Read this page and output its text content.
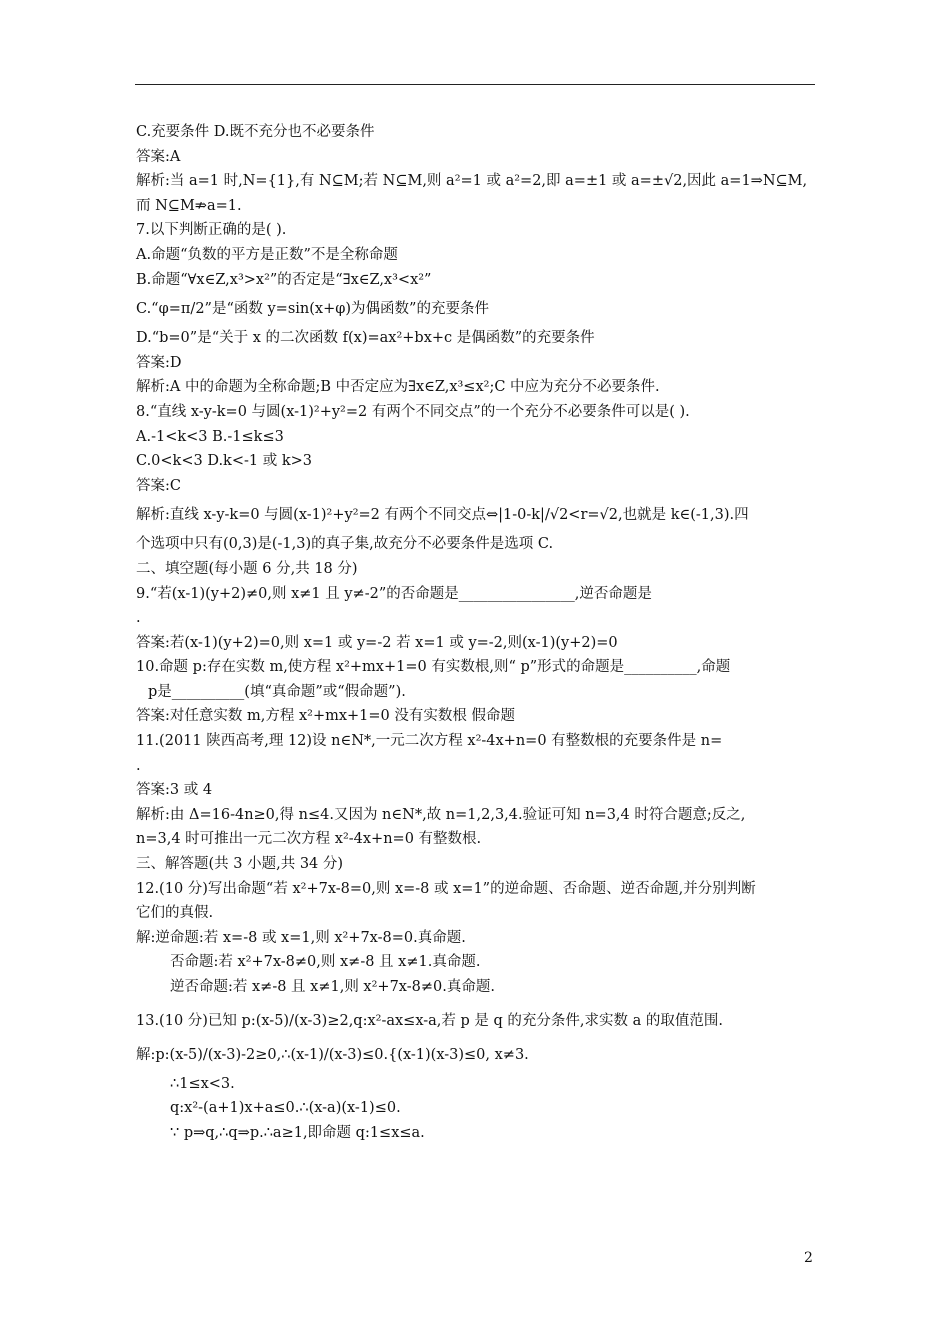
C.充要条件 D.既不充分也不必要条件
答案:A
解析:当 a=1 时,N={1},有 N⊆M;若 N⊆M,则 a²=1 或 a²=2,即 a=±1 或 a=±√2,因此 a=1⇒N⊆M,
而 N⊆M⇏a=1.
7.以下判断正确的是( ).
A.命题“负数的平方是正数”不是全称命题
B.命题“∀x∈Z,x³>x²”的否定是“∃x∈Z,x³<x²”
C.“φ=π/2”是“函数 y=sin(x+φ)为偶函数”的充要条件
D.“b=0”是“关于 x 的二次函数 f(x)=ax²+bx+c 是偶函数”的充要条件
答案:D
解析:A 中的命题为全称命题;B 中否定应为∃x∈Z,x³≤x²;C 中应为充分不必要条件.
8.“直线 x-y-k=0 与圆(x-1)²+y²=2 有两个不同交点”的一个充分不必要条件可以是( ).
A.-1<k<3 B.-1≤k≤3
C.0<k<3 D.k<-1 或 k>3
答案:C
解析:直线 x-y-k=0 与圆(x-1)²+y²=2 有两个不同交点⇔|1-0-k|/√2<r=√2,也就是 k∈(-1,3).四
个选项中只有(0,3)是(-1,3)的真子集,故充分不必要条件是选项 C.
二、填空题(每小题 6 分,共 18 分)
9.“若(x-1)(y+2)≠0,则 x≠1 且 y≠-2”的否命题是________________,逆否命题是
.
答案:若(x-1)(y+2)=0,则 x=1 或 y=-2 若 x=1 或 y=-2,则(x-1)(y+2)=0
10.命题 p:存在实数 m,使方程 x²+mx+1=0 有实数根,则“ p”形式的命题是__________,命题
p是__________(填“真命题”或“假命题”).
答案:对任意实数 m,方程 x²+mx+1=0 没有实数根 假命题
11.(2011 陕西高考,理 12)设 n∈N*,一元二次方程 x²-4x+n=0 有整数根的充要条件是 n=
.
答案:3 或 4
解析:由 Δ=16-4n≥0,得 n≤4.又因为 n∈N*,故 n=1,2,3,4.验证可知 n=3,4 时符合题意;反之,
n=3,4 时可推出一元二次方程 x²-4x+n=0 有整数根.
三、解答题(共 3 小题,共 34 分)
12.(10 分)写出命题“若 x²+7x-8=0,则 x=-8 或 x=1”的逆命题、否命题、逆否命题,并分别判断
它们的真假.
解:逆命题:若 x=-8 或 x=1,则 x²+7x-8=0.真命题.
否命题:若 x²+7x-8≠0,则 x≠-8 且 x≠1.真命题.
逆否命题:若 x≠-8 且 x≠1,则 x²+7x-8≠0.真命题.
13.(10 分)已知 p:(x-5)/(x-3)≥2,q:x²-ax≤x-a,若 p 是 q 的充分条件,求实数 a 的取值范围.
解:p:(x-5)/(x-3)-2≥0,∴(x-1)/(x-3)≤0.{(x-1)(x-3)≤0, x≠3.
∴1≤x<3.
q:x²-(a+1)x+a≤0.∴(x-a)(x-1)≤0.
∵ p⇒q,∴q⇒p.∴a≥1,即命题 q:1≤x≤a.
2
